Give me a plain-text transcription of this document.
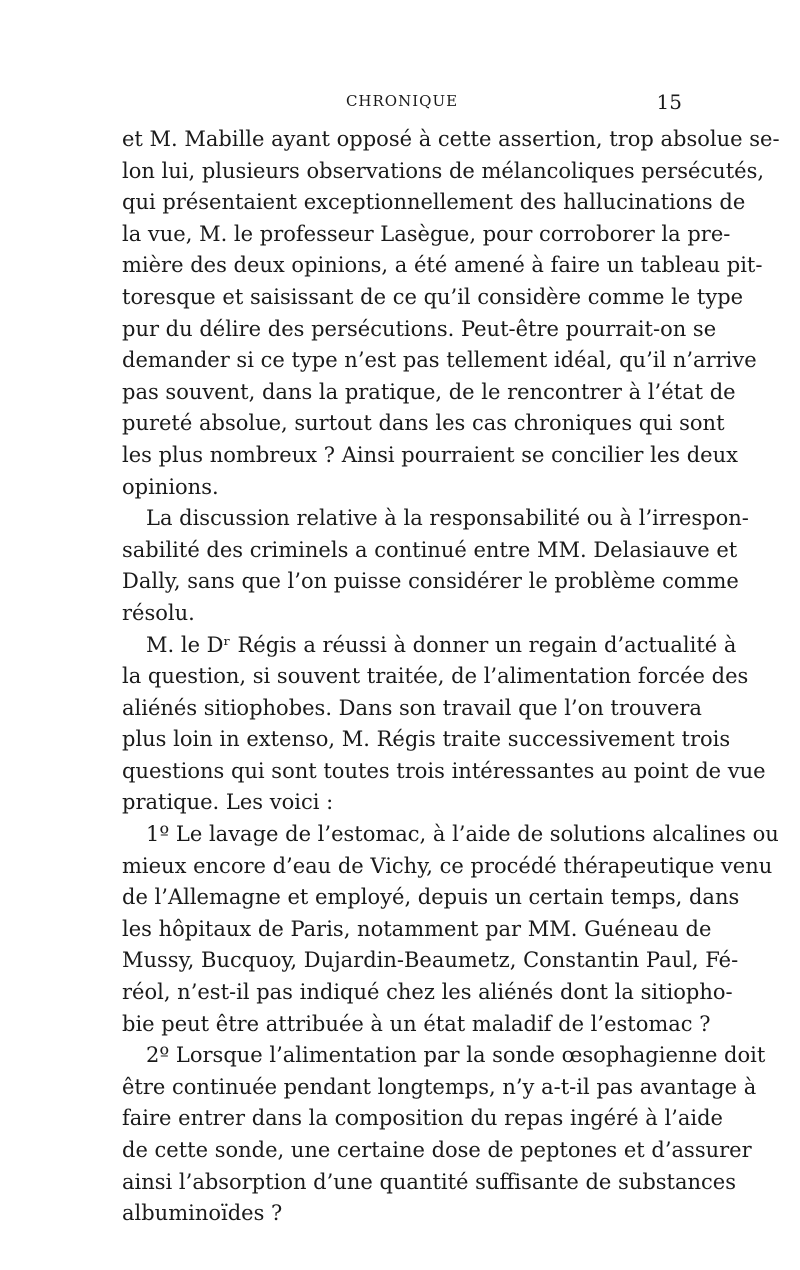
CHRONIQUE	15
et M. Mabille ayant opposé à cette assertion, trop absolue se-
lon lui, plusieurs observations de mélancoliques persécutés,
qui présentaient exceptionnellement des hallucinations de
la vue, M. le professeur Lasègue, pour corroborer la pre-
mière des deux opinions, a été amené à faire un tableau pit-
toresque et saisissant de ce qu’il considère comme le type
pur du délire des persécutions. Peut-être pourrait-on se
demander si ce type n’est pas tellement idéal, qu’il n’arrive
pas souvent, dans la pratique, de le rencontrer à l’état de
pureté absolue, surtout dans les cas chroniques qui sont
les plus nombreux ? Ainsi pourraient se concilier les deux
opinions.
La discussion relative à la responsabilité ou à l’irrespon-
sabilité des criminels a continué entre MM. Delasiauve et
Dally, sans que l’on puisse considérer le problème comme
résolu.
M. le Dʳ Régis a réussi à donner un regain d’actualité à
la question, si souvent traitée, de l’alimentation forcée des
aliénés sitiophobes. Dans son travail que l’on trouvera
plus loin in extenso, M. Régis traite successivement trois
questions qui sont toutes trois intéressantes au point de vue
pratique. Les voici :
1º Le lavage de l’estomac, à l’aide de solutions alcalines ou
mieux encore d’eau de Vichy, ce procédé thérapeutique venu
de l’Allemagne et employé, depuis un certain temps, dans
les hôpitaux de Paris, notamment par MM. Guéneau de
Mussy, Bucquoy, Dujardin-Beaumetz, Constantin Paul, Fé-
réol, n’est-il pas indiqué chez les aliénés dont la sitiopho-
bie peut être attribuée à un état maladif de l’estomac ?
2º Lorsque l’alimentation par la sonde œsophagienne doit
être continuée pendant longtemps, n’y a-t-il pas avantage à
faire entrer dans la composition du repas ingéré à l’aide
de cette sonde, une certaine dose de peptones et d’assurer
ainsi l’absorption d’une quantité suffisante de substances
albuminoïdes ?
